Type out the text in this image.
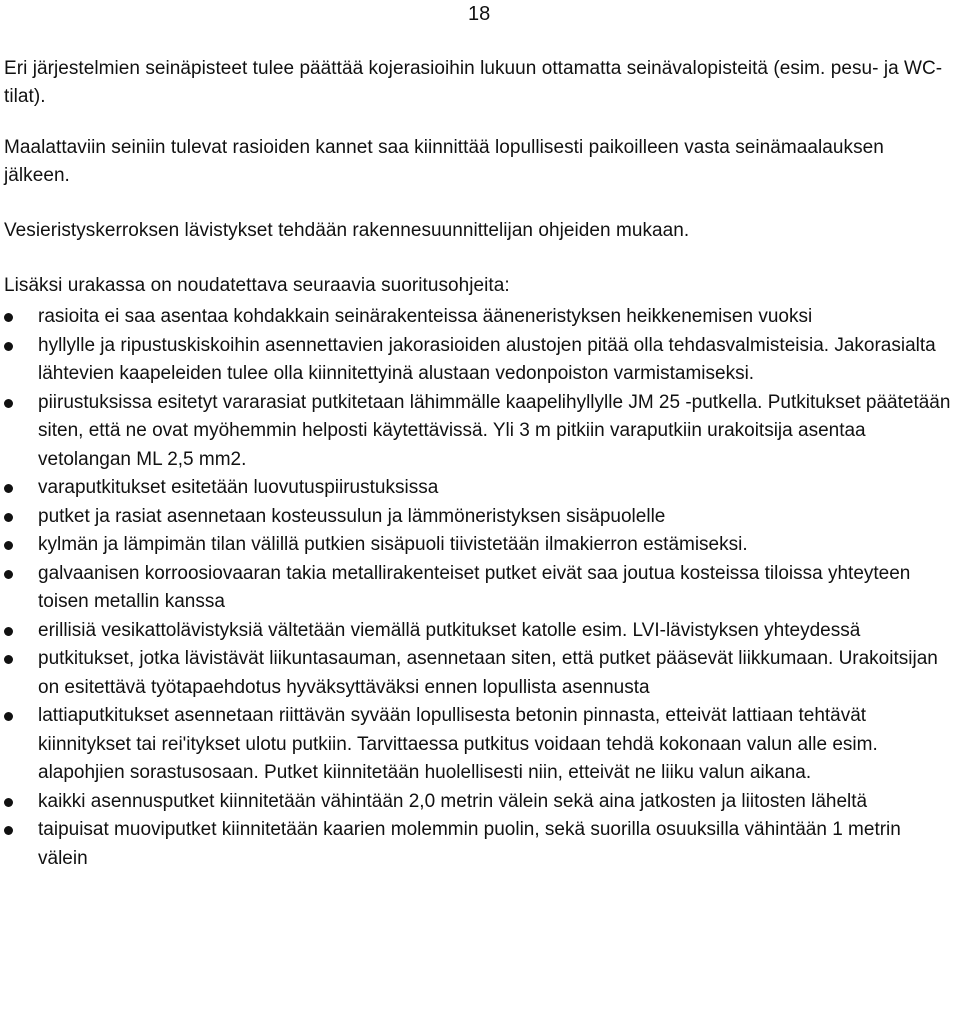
18

Eri järjestelmien seinäpisteet tulee päättää kojerasioihin lukuun ottamatta seinävalopisteitä (esim. pesu- ja WC-tilat).

Maalattaviin seiniin tulevat rasioiden kannet saa kiinnittää lopullisesti paikoilleen vasta seinämaalauksen jälkeen.

Vesieristyskerroksen lävistykset tehdään rakennesuunnittelijan ohjeiden mukaan.

Lisäksi urakassa on noudatettava seuraavia suoritusohjeita:

rasioita ei saa asentaa kohdakkain seinärakenteissa ääneneristyksen heikkenemisen vuoksi
hyllylle ja ripustuskiskoihin asennettavien jakorasioiden alustojen pitää olla tehdasvalmisteisia. Jakorasialta lähtevien kaapeleiden tulee olla kiinnitettyinä alustaan vedonpoiston varmistamiseksi.
piirustuksissa esitetyt vararasiat putkitetaan lähimmälle kaapelihyllylle JM 25 -putkella. Putkitukset päätetään siten, että ne ovat myöhemmin helposti käytettävissä. Yli 3 m pitkiin varaputkiin urakoitsija asentaa vetolangan ML 2,5 mm2.
varaputkitukset esitetään luovutuspiirustuksissa
putket ja rasiat asennetaan kosteussulun ja lämmöneristyksen sisäpuolelle
kylmän ja lämpimän tilan välillä putkien sisäpuoli tiivistetään ilmakierron estämiseksi.
galvaanisen korroosiovaaran takia metallirakenteiset putket eivät saa joutua kosteissa tiloissa yhteyteen toisen metallin kanssa
erillisiä vesikattolävistyksiä vältetään viemällä putkitukset katolle esim. LVI-lävistyksen yhteydessä
putkitukset, jotka lävistävät liikuntasauman, asennetaan siten, että putket pääsevät liikkumaan. Urakoitsijan on esitettävä työtapaehdotus hyväksyttäväksi ennen lopullista asennusta
lattiaputkitukset asennetaan riittävän syvään lopullisesta betonin pinnasta, etteivät lattiaan tehtävät kiinnitykset tai rei'itykset ulotu putkiin. Tarvittaessa putkitus voidaan tehdä kokonaan valun alle esim. alapohjien sorastusosaan. Putket kiinnitetään huolellisesti niin, etteivät ne liiku valun aikana.
kaikki asennusputket kiinnitetään vähintään 2,0 metrin välein sekä aina jatkosten ja liitosten läheltä
taipuisat muoviputket kiinnitetään kaarien molemmin puolin, sekä suorilla osuuksilla vähintään 1 metrin välein
